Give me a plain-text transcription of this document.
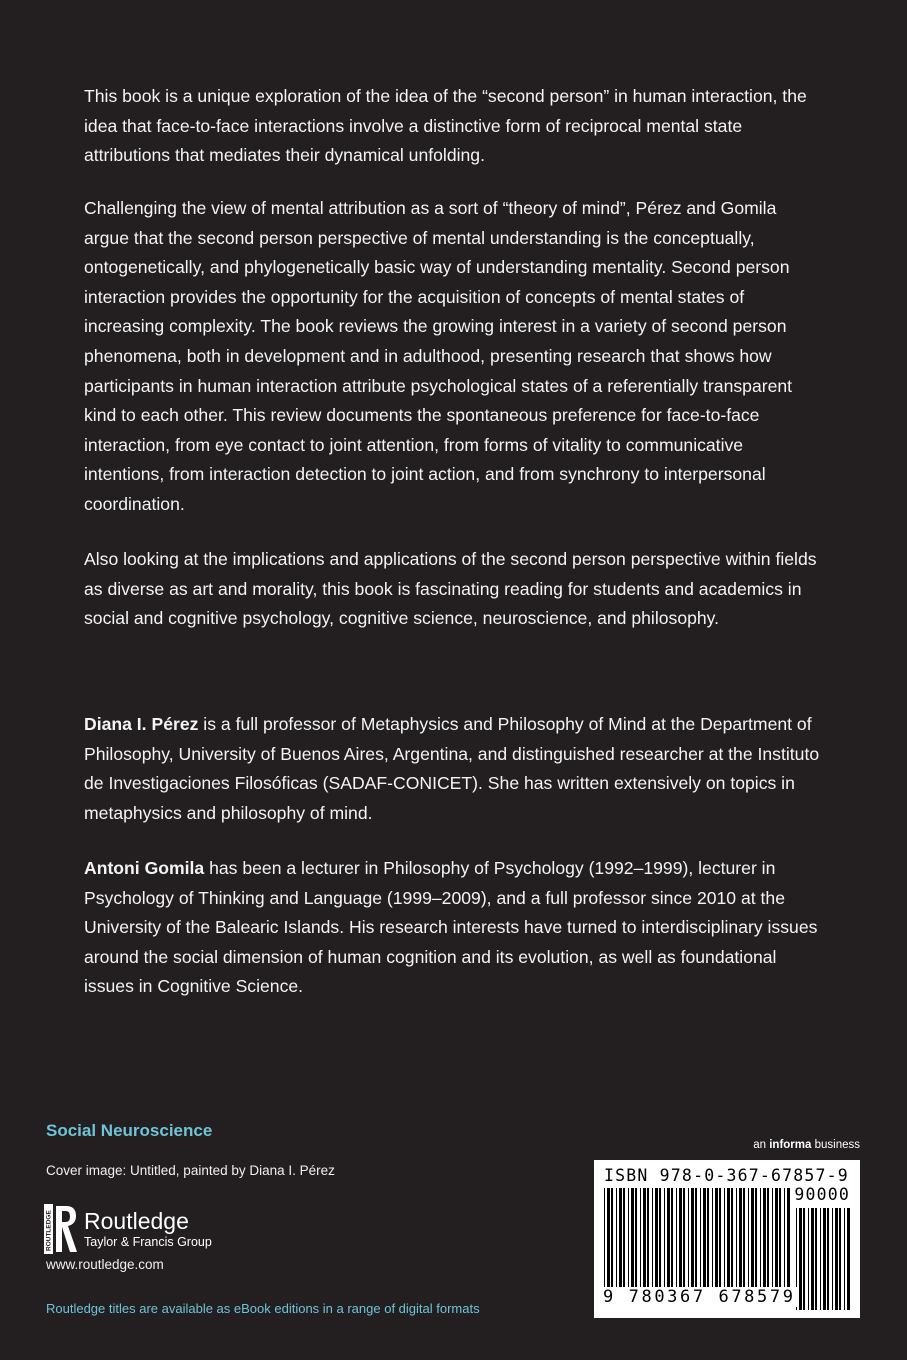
This book is a unique exploration of the idea of the “second person” in human interaction, the idea that face-to-face interactions involve a distinctive form of reciprocal mental state attributions that mediates their dynamical unfolding.

Challenging the view of mental attribution as a sort of “theory of mind”, Pérez and Gomila argue that the second person perspective of mental understanding is the conceptually, ontogenetically, and phylogenetically basic way of understanding mentality. Second person interaction provides the opportunity for the acquisition of concepts of mental states of increasing complexity. The book reviews the growing interest in a variety of second person phenomena, both in development and in adulthood, presenting research that shows how participants in human interaction attribute psychological states of a referentially transparent kind to each other. This review documents the spontaneous preference for face-to-face interaction, from eye contact to joint attention, from forms of vitality to communicative intentions, from interaction detection to joint action, and from synchrony to interpersonal coordination.

Also looking at the implications and applications of the second person perspective within fields as diverse as art and morality, this book is fascinating reading for students and academics in social and cognitive psychology, cognitive science, neuroscience, and philosophy.

Diana I. Pérez is a full professor of Metaphysics and Philosophy of Mind at the Department of Philosophy, University of Buenos Aires, Argentina, and distinguished researcher at the Instituto de Investigaciones Filosóficas (SADAF-CONICET). She has written extensively on topics in metaphysics and philosophy of mind.

Antoni Gomila has been a lecturer in Philosophy of Psychology (1992–1999), lecturer in Psychology of Thinking and Language (1999–2009), and a full professor since 2010 at the University of the Balearic Islands. His research interests have turned to interdisciplinary issues around the social dimension of human cognition and its evolution, as well as foundational issues in Cognitive Science.

Social Neuroscience
Cover image: Untitled, painted by Diana I. Pérez
ROUTLEDGE Routledge
Taylor & Francis Group
www.routledge.com
Routledge titles are available as eBook editions in a range of digital formats
an informa business
ISBN 978-0-367-67857-9
90000
9 780367 678579
